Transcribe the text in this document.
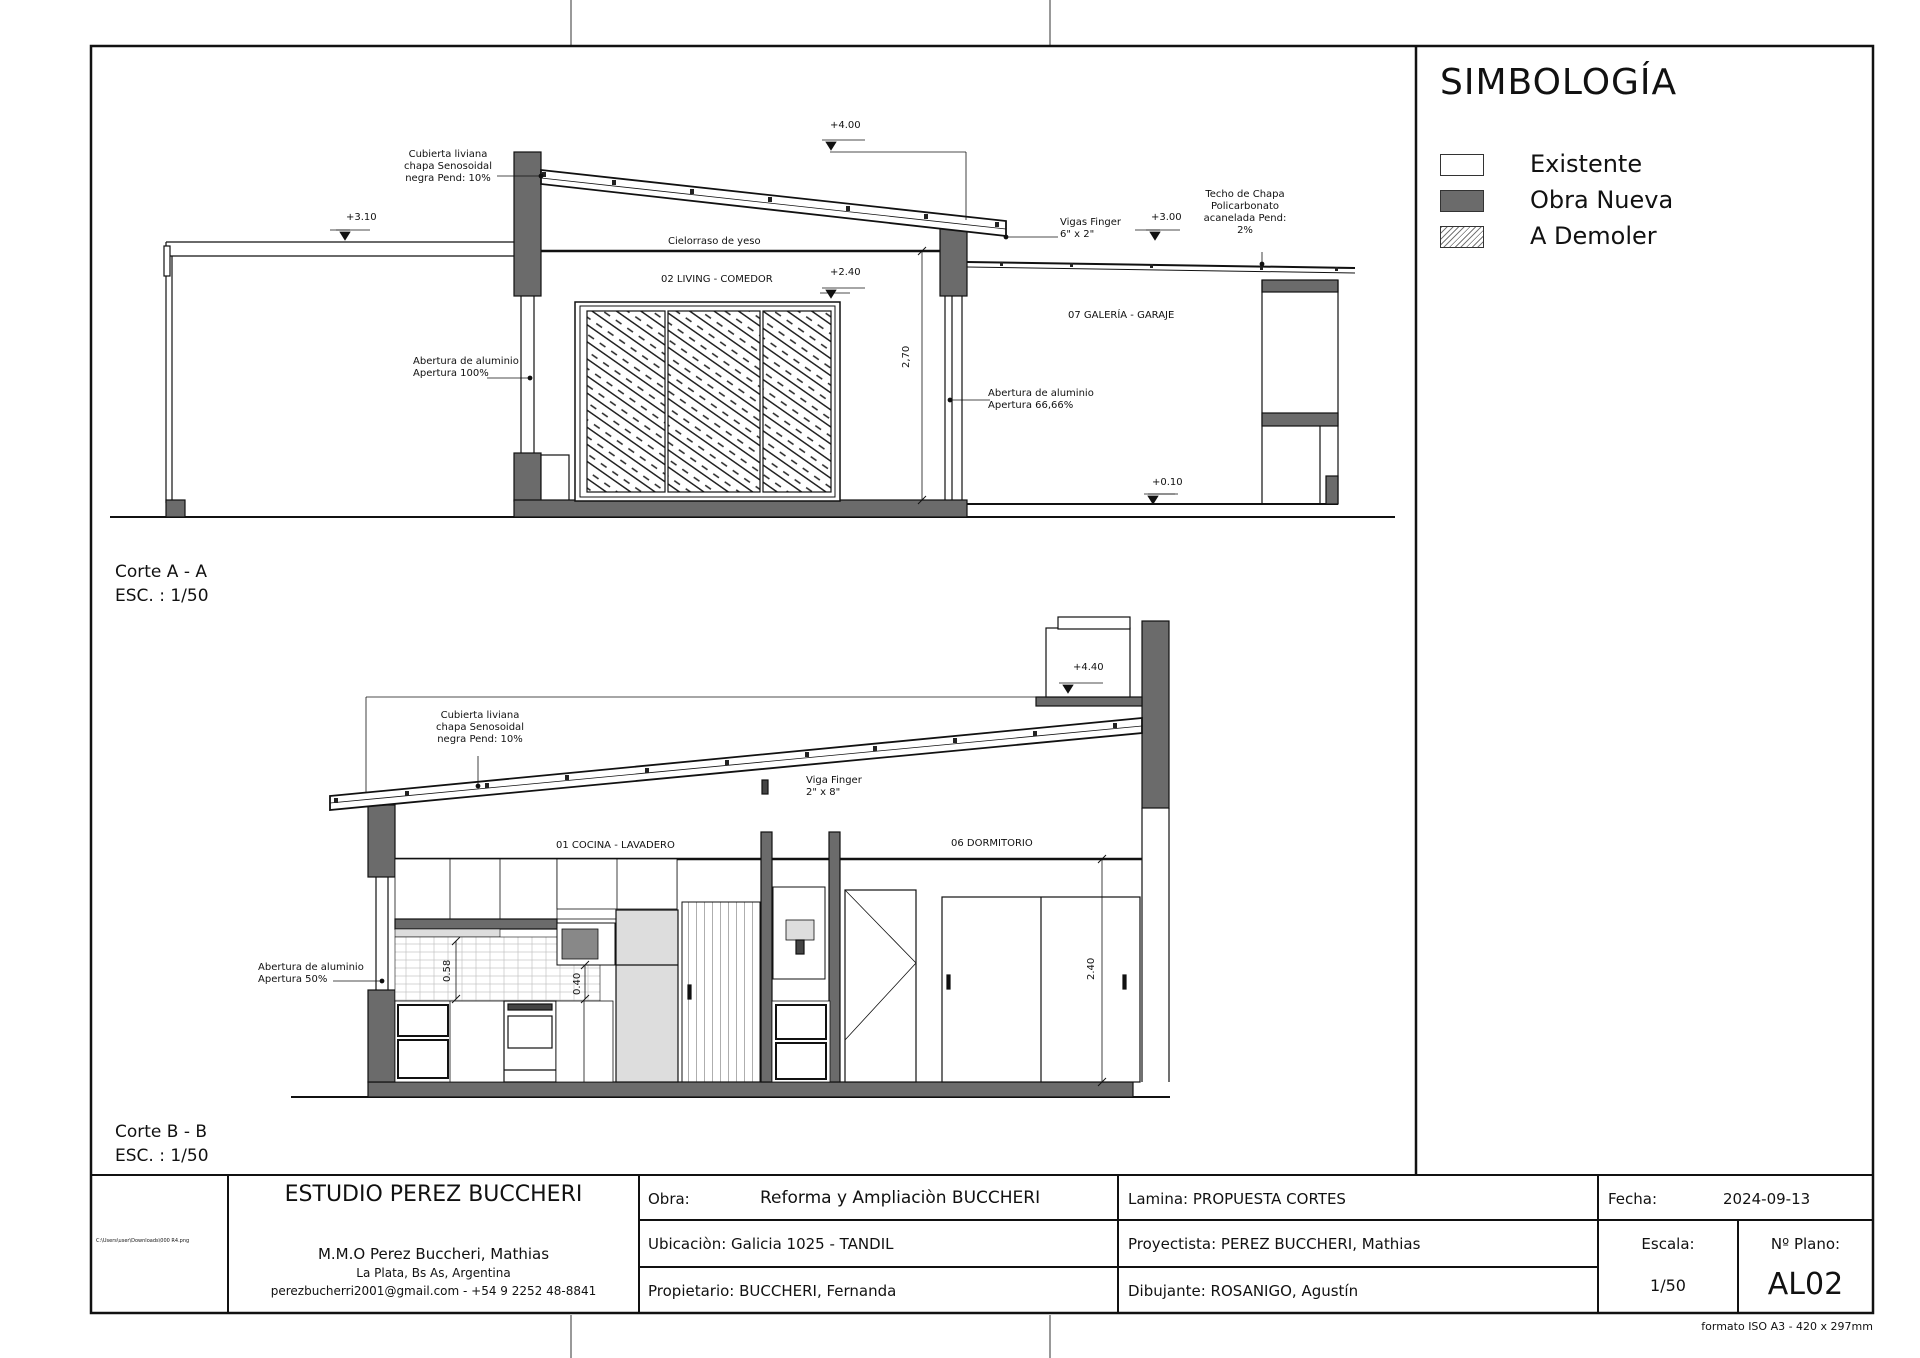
SIMBOLOGÍA
Existente
Obra Nueva
A Demoler
+4.00
+3.10	+3.00
+2.40
+0.10
Cubierta liviana
chapa Senosoidal
negra Pend: 10%
Cielorraso de yeso
02 LIVING - COMEDOR
07 GALERÍA - GARAJE
Vigas Finger
6" x 2"
Techo de Chapa
Policarbonato
acanelada Pend: 2%
Abertura de aluminio
Apertura 100%
Abertura de aluminio
Apertura 66,66%
2,70
Corte A - A
ESC. : 1/50
+4.40
Cubierta liviana
chapa Senosoidal
negra Pend: 10%
Viga Finger
2" x 8"
01 COCINA - LAVADERO	06 DORMITORIO
Abertura de aluminio
Apertura 50%	0.58
0.40
2.40
Corte B - B
ESC. : 1/50
C:\Users\user\Downloads\000 R4.png
ESTUDIO PEREZ BUCCHERI
M.M.O Perez Buccheri, Mathias
La Plata, Bs As, Argentina
perezbucherri2001@gmail.com - +54 9 2252 48-8841
Obra:	Reforma y Ampliaciòn BUCCHERI
Ubicaciòn: Galicia 1025 - TANDIL
Propietario: BUCCHERI, Fernanda
Lamina: PROPUESTA CORTES
Proyectista: PEREZ BUCCHERI, Mathias
Dibujante: ROSANIGO, Agustín
Fecha:	2024-09-13
Escala:
1/50
Nº Plano:
AL02
formato ISO A3 - 420 x 297mm
